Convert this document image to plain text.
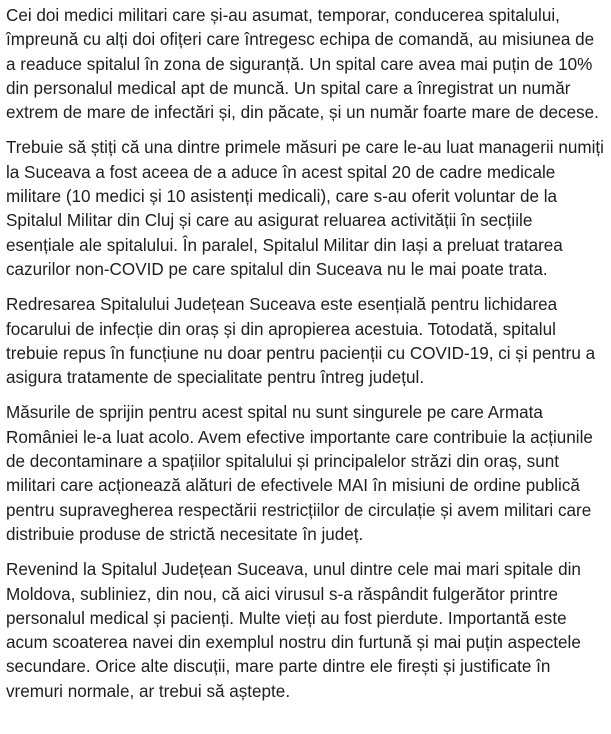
Cei doi medici militari care și-au asumat, temporar, conducerea spitalului, împreună cu alți doi ofițeri care întregesc echipa de comandă, au misiunea de a readuce spitalul în zona de siguranță. Un spital care avea mai puțin de 10% din personalul medical apt de muncă. Un spital care a înregistrat un număr extrem de mare de infectări și, din păcate, și un număr foarte mare de decese.

Trebuie să știți că una dintre primele măsuri pe care le-au luat managerii numiți la Suceava a fost aceea de a aduce în acest spital 20 de cadre medicale militare (10 medici și 10 asistenți medicali), care s-au oferit voluntar de la Spitalul Militar din Cluj și care au asigurat reluarea activității în secțiile esențiale ale spitalului. În paralel, Spitalul Militar din Iași a preluat tratarea cazurilor non-COVID pe care spitalul din Suceava nu le mai poate trata.

Redresarea Spitalului Județean Suceava este esențială pentru lichidarea focarului de infecție din oraș și din apropierea acestuia. Totodată, spitalul trebuie repus în funcțiune nu doar pentru pacienții cu COVID-19, ci și pentru a asigura tratamente de specialitate pentru întreg județul.

Măsurile de sprijin pentru acest spital nu sunt singurele pe care Armata României le-a luat acolo. Avem efective importante care contribuie la acțiunile de decontaminare a spațiilor spitalului și principalelor străzi din oraș, sunt militari care acționează alături de efectivele MAI în misiuni de ordine publică pentru supravegherea respectării restricțiilor de circulație și avem militari care distribuie produse de strictă necesitate în județ.

Revenind la Spitalul Județean Suceava, unul dintre cele mai mari spitale din Moldova, subliniez, din nou, că aici virusul s-a răspândit fulgerător printre personalul medical și pacienți. Multe vieți au fost pierdute. Importantă este acum scoaterea navei din exemplul nostru din furtună și mai puțin aspectele secundare. Orice alte discuții, mare parte dintre ele firești și justificate în vremuri normale, ar trebui să aștepte.
